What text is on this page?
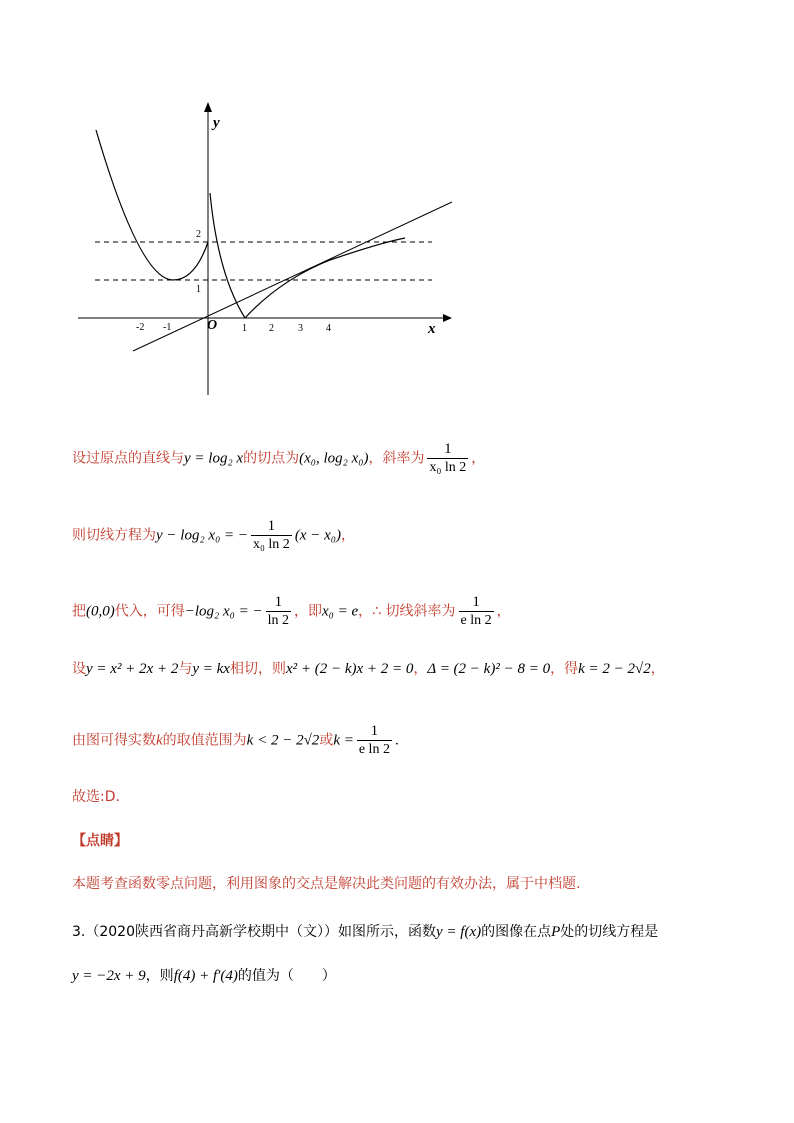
y
x
O
-2 -1	1 2 3 4
1
2
设过原点的直线与y = log₂ x的切点为(x₀, log₂ x₀)，斜率为 $\frac{1}{\text{x₀ ln 2}}$ ，
则切线方程为y − log₂ x₀ = − $\frac{1}{\text{x₀ ln 2}} (x - x_0)$，
把(0,0)代入，可得−log₂ x₀ = − $\frac{1}{\ln 2}$ ，即x₀ = e，∴ 切线斜率为 $\frac{1}{\text{e ln 2}}$ ，
设y = x² + 2x + 2与y = kx相切，则x² + (2 − k)x + 2 = 0，Δ = (2 − k)² − 8 = 0，得k = 2 − 2√2，
由图可得实数k的取值范围为k < 2 − 2√2或$k = \frac{1}{\text{e ln 2}}$ .
故选:D.
【点睛】
本题考查函数零点问题，利用图象的交点是解决此类问题的有效办法，属于中档题.
3.（2020陕西省商丹高新学校期中（文））如图所示，函数y = f(x)的图像在点P处的切线方程是
y = −2x + 9，则f(4) + f′(4)的值为（　　）
